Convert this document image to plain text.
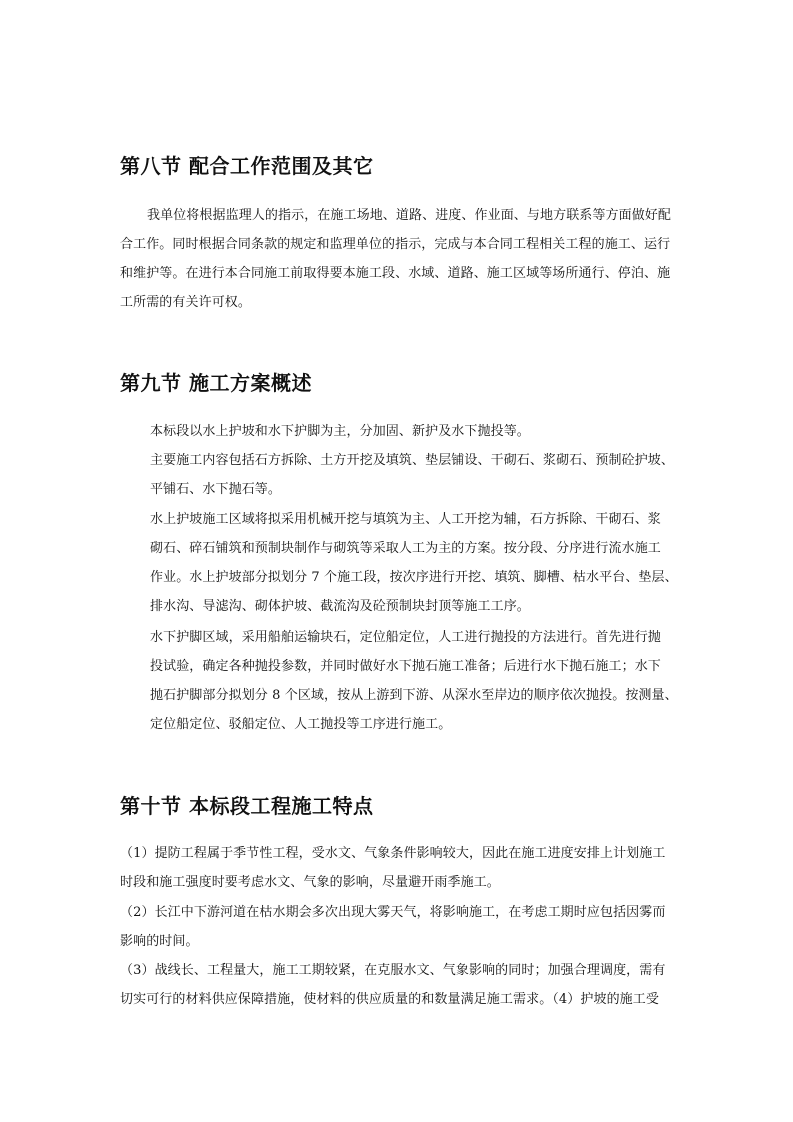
第八节 配合工作范围及其它

我单位将根据监理人的指示，在施工场地、道路、进度、作业面、与地方联系等方面做好配

合工作。同时根据合同条款的规定和监理单位的指示，完成与本合同工程相关工程的施工、运行

和维护等。在进行本合同施工前取得要本施工段、水域、道路、施工区域等场所通行、停泊、施

工所需的有关许可权。

第九节 施工方案概述

本标段以水上护坡和水下护脚为主，分加固、新护及水下抛投等。

主要施工内容包括石方拆除、土方开挖及填筑、垫层铺设、干砌石、浆砌石、预制砼护坡、

平铺石、水下抛石等。

水上护坡施工区域将拟采用机械开挖与填筑为主、人工开挖为辅，石方拆除、干砌石、浆

砌石、碎石铺筑和预制块制作与砌筑等采取人工为主的方案。按分段、分序进行流水施工

作业。水上护坡部分拟划分 7 个施工段，按次序进行开挖、填筑、脚槽、枯水平台、垫层、

排水沟、导滤沟、砌体护坡、截流沟及砼预制块封顶等施工工序。

水下护脚区域，采用船舶运输块石，定位船定位，人工进行抛投的方法进行。首先进行抛

投试验，确定各种抛投参数，并同时做好水下抛石施工准备；后进行水下抛石施工；水下

抛石护脚部分拟划分 8 个区域，按从上游到下游、从深水至岸边的顺序依次抛投。按测量、

定位船定位、驳船定位、人工抛投等工序进行施工。

第十节 本标段工程施工特点

（1）提防工程属于季节性工程，受水文、气象条件影响较大，因此在施工进度安排上计划施工

时段和施工强度时要考虑水文、气象的影响，尽量避开雨季施工。

（2）长江中下游河道在枯水期会多次出现大雾天气，将影响施工，在考虑工期时应包括因雾而

影响的时间。

（3）战线长、工程量大，施工工期较紧，在克服水文、气象影响的同时；加强合理调度，需有

切实可行的材料供应保障措施，使材料的供应质量的和数量满足施工需求。（4）护坡的施工受
